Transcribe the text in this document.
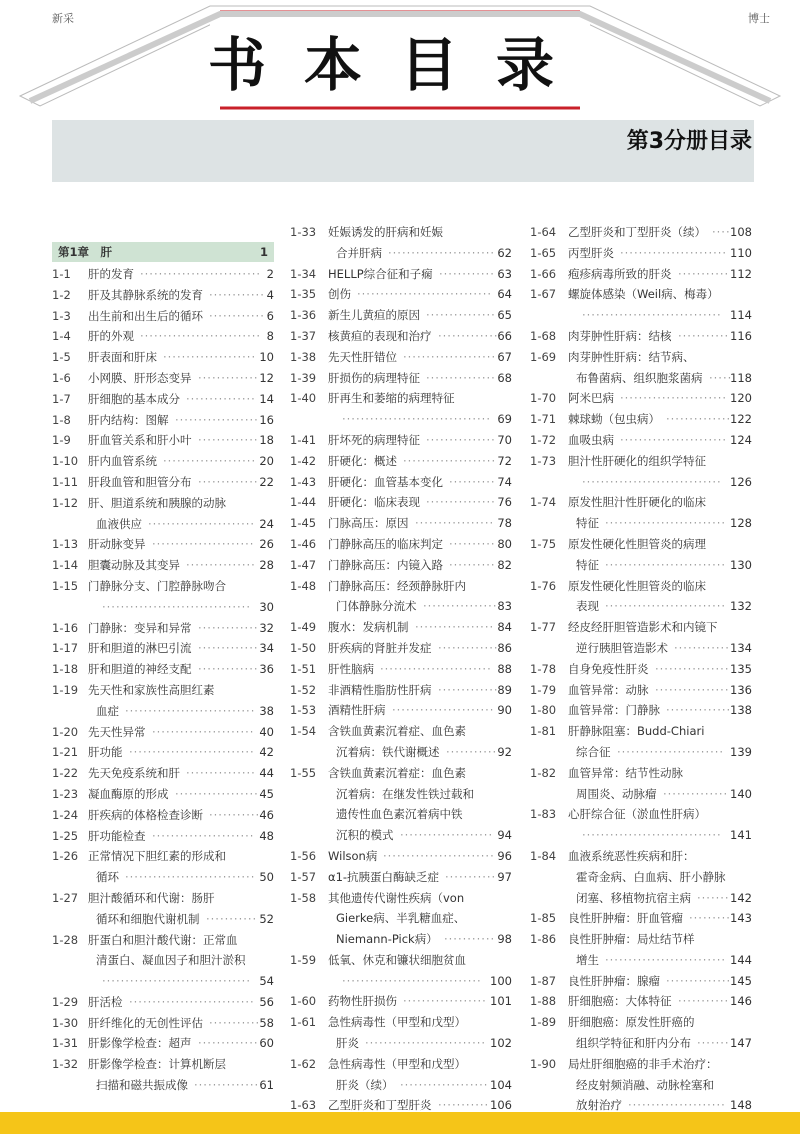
新采	博士
书本目录
第3分册目录
第1章　肝	1
1-1 肝的发育	2
··························
1-2 肝及其静脉系统的发育	4
············
1-3 出生前和出生后的循环	6
············
1-4 肝的外观	8
··························
1-5 肝表面和肝床	10
····················
1-6 小网膜、肝形态变异	12
·············
1-7 肝细胞的基本成分	14
···············
1-8 肝内结构：图解	16
··················
1-9 肝血管关系和肝小叶	18
·············
1-10 肝内血管系统	20
····················
1-11 肝段血管和胆管分布	22
·············
1-12 肝、胆道系统和胰腺的动脉
血液供应	24
·······················
1-13 肝动脉变异	26
······················
1-14 胆囊动脉及其变异	28
···············
1-15 门静脉分支、门腔静脉吻合
30
································
1-16 门静脉：变异和异常	32
·············
1-17 肝和胆道的淋巴引流	34
·············
1-18 肝和胆道的神经支配	36
·············
1-19 先天性和家族性高胆红素
血症	38
····························
1-20 先天性异常	40
······················
1-21 肝功能	42
···························
1-22 先天免疫系统和肝	44
···············
1-23 凝血酶原的形成	45
··················
1-24 肝疾病的体格检查诊断	46
···········
1-25 肝功能检查	48
······················
1-26 正常情况下胆红素的形成和
循环	50
····························
1-27 胆汁酸循环和代谢：肠肝
循环和细胞代谢机制	52
···········
1-28 肝蛋白和胆汁酸代谢：正常血
清蛋白、凝血因子和胆汁淤积
54
································
1-29 肝活检	56
···························
1-30 肝纤维化的无创性评估	58
···········
1-31 肝影像学检查：超声	60
·············
1-32 肝影像学检查：计算机断层
扫描和磁共振成像	61
··············
1-33 妊娠诱发的肝病和妊娠
合并肝病	62
·······················
1-34 HELLP综合征和子痫	63
············
1-35 创伤	64
·····························
1-36 新生儿黄疸的原因	65
···············
1-37 核黄疸的表现和治疗	66
·············
1-38 先天性肝错位	67
····················
1-39 肝损伤的病理特征	68
···············
1-40 肝再生和萎缩的病理特征
69
································
1-41 肝坏死的病理特征	70
···············
1-42 肝硬化：概述	72
····················
1-43 肝硬化：血管基本变化	74
··········
1-44 肝硬化：临床表现	76
···············
1-45 门脉高压：原因	78
·················
1-46 门静脉高压的临床判定	80
··········
1-47 门静脉高压：内镜入路	82
··········
1-48 门静脉高压：经颈静脉肝内
门体静脉分流术	83
················
1-49 腹水：发病机制	84
·················
1-50 肝疾病的肾脏并发症	86
·············
1-51 肝性脑病	88
························
1-52 非酒精性脂肪性肝病	89
·············
1-53 酒精性肝病	90
······················
1-54 含铁血黄素沉着症、血色素
沉着病：铁代谢概述	92
···········
1-55 含铁血黄素沉着症：血色素
沉着病：在继发性铁过载和
遗传性血色素沉着病中铁
沉积的模式	94
····················
1-56 Wilson病	96
························
1-57 α1-抗胰蛋白酶缺乏症	97
···········
1-58 其他遗传代谢性疾病（von
Gierke病、半乳糖血症、
Niemann-Pick病）	98
···········
1-59 低氧、休克和镰状细胞贫血
100
······························
1-60 药物性肝损伤	101
··················
1-61 急性病毒性（甲型和戊型）
肝炎	102
··························
1-62 急性病毒性（甲型和戊型）
肝炎（续）	104
···················
1-63 乙型肝炎和丁型肝炎	106
···········
1-64 乙型肝炎和丁型肝炎（续） 108
····
1-65 丙型肝炎	110
·······················
1-66 疱疹病毒所致的肝炎	112
···········
1-67 螺旋体感染（Weil病、梅毒）
114
······························
1-68 肉芽肿性肝病：结核	116
···········
1-69 肉芽肿性肝病：结节病、
布鲁菌病、组织胞浆菌病 118
·····
1-70 阿米巴病	120
·······················
1-71 棘球蚴（包虫病）	122
··············
1-72 血吸虫病	124
·······················
1-73 胆汁性肝硬化的组织学特征
126
······························
1-74 原发性胆汁性肝硬化的临床
特征	128
··························
1-75 原发性硬化性胆管炎的病理
特征	130
··························
1-76 原发性硬化性胆管炎的临床
表现	132
··························
1-77 经皮经肝胆管造影术和内镜下
逆行胰胆管造影术	134
············
1-78 自身免疫性肝炎	135
················
1-79 血管异常：动脉	136
················
1-80 血管异常：门静脉	138
··············
1-81 肝静脉阻塞：Budd-Chiari
综合征	139
·······················
1-82 血管异常：结节性动脉
周围炎、动脉瘤	140
··············
1-83 心肝综合征（淤血性肝病）
141
······························
1-84 血液系统恶性疾病和肝：
霍奇金病、白血病、肝小静脉
闭塞、移植物抗宿主病	142
·······
1-85 良性肝肿瘤：肝血管瘤	143
·········
1-86 良性肝肿瘤：局灶结节样
增生	144
··························
1-87 良性肝肿瘤：腺瘤	145
··············
1-88 肝细胞癌：大体特征	146
···········
1-89 肝细胞癌：原发性肝癌的
组织学特征和肝内分布	147
·······
1-90 局灶肝细胞癌的非手术治疗：
经皮射频消融、动脉栓塞和
放射治疗	148
·····················
